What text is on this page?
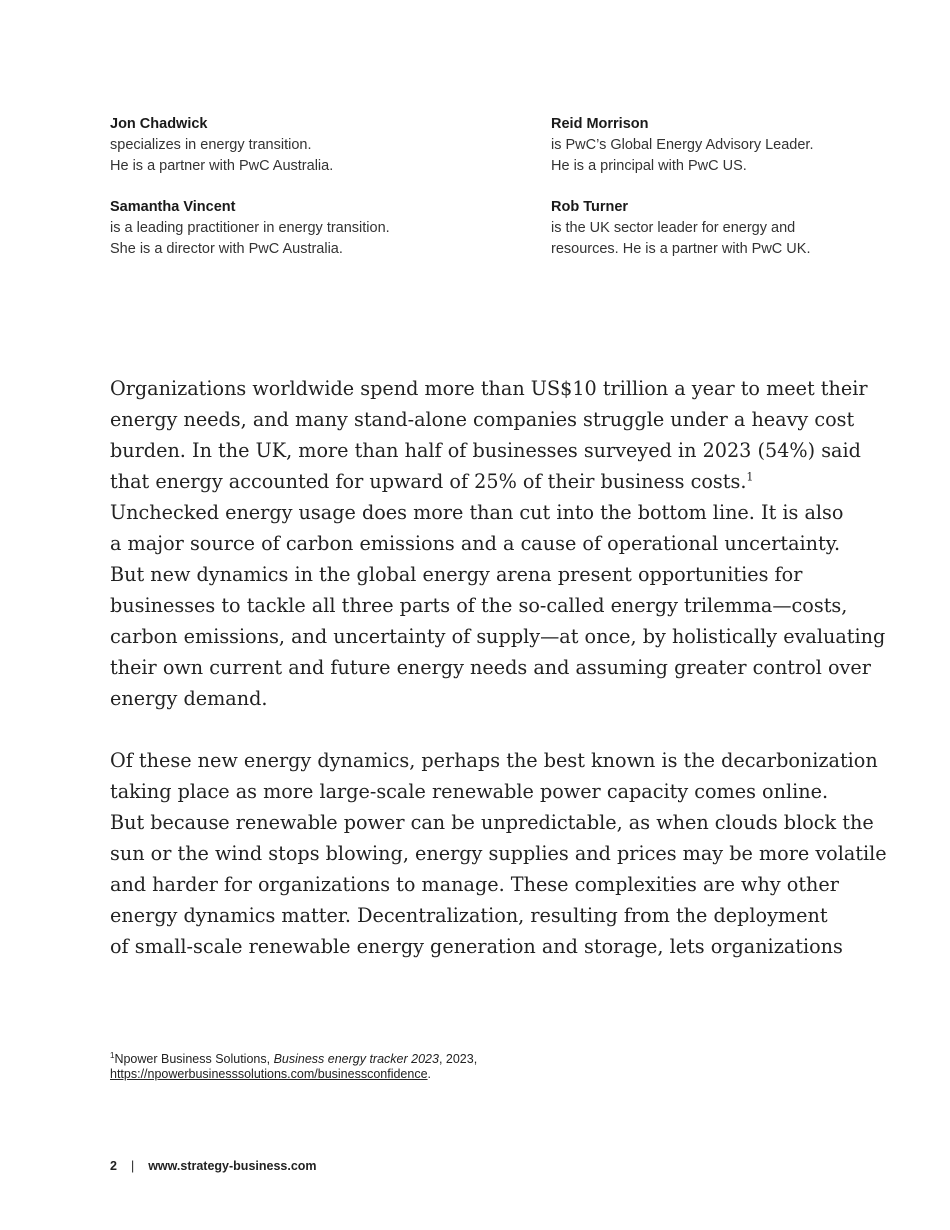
Jon Chadwick
specializes in energy transition.
He is a partner with PwC Australia.
Reid Morrison
is PwC’s Global Energy Advisory Leader.
He is a principal with PwC US.
Samantha Vincent
is a leading practitioner in energy transition.
She is a director with PwC Australia.
Rob Turner
is the UK sector leader for energy and
resources. He is a partner with PwC UK.
Organizations worldwide spend more than US$10 trillion a year to meet their
energy needs, and many stand-alone companies struggle under a heavy cost
burden. In the UK, more than half of businesses surveyed in 2023 (54%) said
that energy accounted for upward of 25% of their business costs.$^1$
Unchecked energy usage does more than cut into the bottom line. It is also
a major source of carbon emissions and a cause of operational uncertainty.
But new dynamics in the global energy arena present opportunities for
businesses to tackle all three parts of the so-called energy trilemma—costs,
carbon emissions, and uncertainty of supply—at once, by holistically evaluating
their own current and future energy needs and assuming greater control over
energy demand.
Of these new energy dynamics, perhaps the best known is the decarbonization
taking place as more large-scale renewable power capacity comes online.
But because renewable power can be unpredictable, as when clouds block the
sun or the wind stops blowing, energy supplies and prices may be more volatile
and harder for organizations to manage. These complexities are why other
energy dynamics matter. Decentralization, resulting from the deployment
of small-scale renewable energy generation and storage, lets organizations
$^1$Npower Business Solutions, Business energy tracker 2023, 2023,
https://npowerbusinesssolutions.com/businessconfidence.
2 | www.strategy-business.com
